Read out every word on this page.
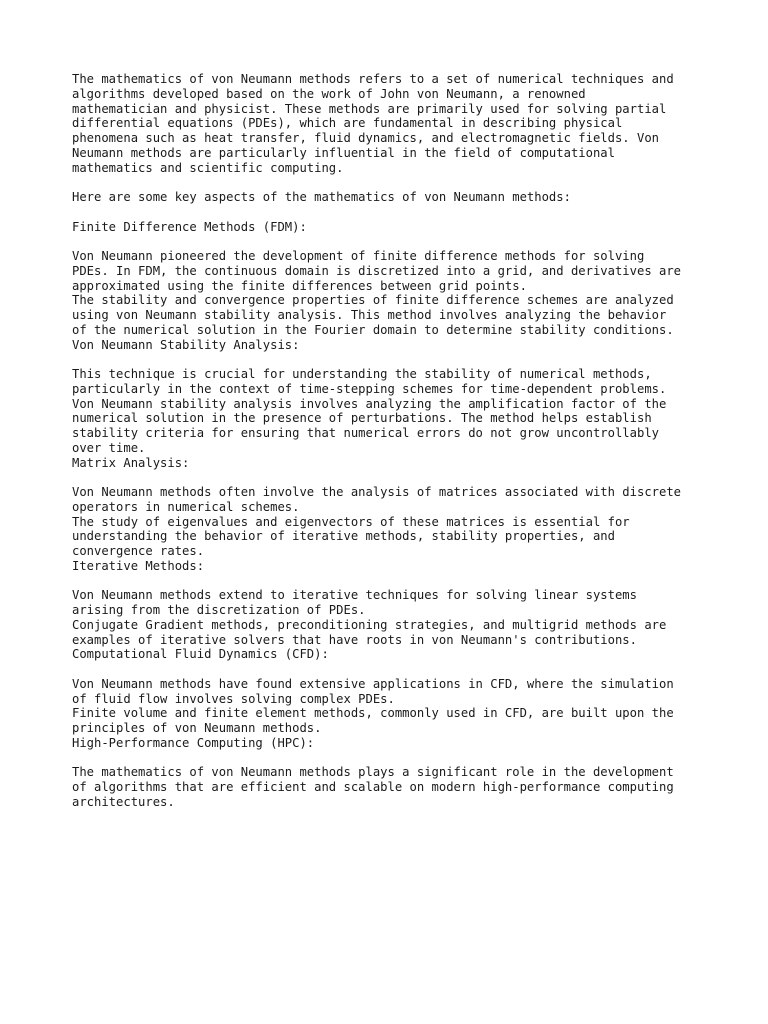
The mathematics of von Neumann methods refers to a set of numerical techniques and
algorithms developed based on the work of John von Neumann, a renowned
mathematician and physicist. These methods are primarily used for solving partial
differential equations (PDEs), which are fundamental in describing physical
phenomena such as heat transfer, fluid dynamics, and electromagnetic fields. Von
Neumann methods are particularly influential in the field of computational
mathematics and scientific computing.

Here are some key aspects of the mathematics of von Neumann methods:

Finite Difference Methods (FDM):

Von Neumann pioneered the development of finite difference methods for solving
PDEs. In FDM, the continuous domain is discretized into a grid, and derivatives are
approximated using the finite differences between grid points.
The stability and convergence properties of finite difference schemes are analyzed
using von Neumann stability analysis. This method involves analyzing the behavior
of the numerical solution in the Fourier domain to determine stability conditions.

Von Neumann Stability Analysis:

This technique is crucial for understanding the stability of numerical methods,
particularly in the context of time-stepping schemes for time-dependent problems.
Von Neumann stability analysis involves analyzing the amplification factor of the
numerical solution in the presence of perturbations. The method helps establish
stability criteria for ensuring that numerical errors do not grow uncontrollably
over time.

Matrix Analysis:

Von Neumann methods often involve the analysis of matrices associated with discrete
operators in numerical schemes.
The study of eigenvalues and eigenvectors of these matrices is essential for
understanding the behavior of iterative methods, stability properties, and
convergence rates.

Iterative Methods:

Von Neumann methods extend to iterative techniques for solving linear systems
arising from the discretization of PDEs.
Conjugate Gradient methods, preconditioning strategies, and multigrid methods are
examples of iterative solvers that have roots in von Neumann's contributions.

Computational Fluid Dynamics (CFD):

Von Neumann methods have found extensive applications in CFD, where the simulation
of fluid flow involves solving complex PDEs.
Finite volume and finite element methods, commonly used in CFD, are built upon the
principles of von Neumann methods.

High-Performance Computing (HPC):

The mathematics of von Neumann methods plays a significant role in the development
of algorithms that are efficient and scalable on modern high-performance computing
architectures.
